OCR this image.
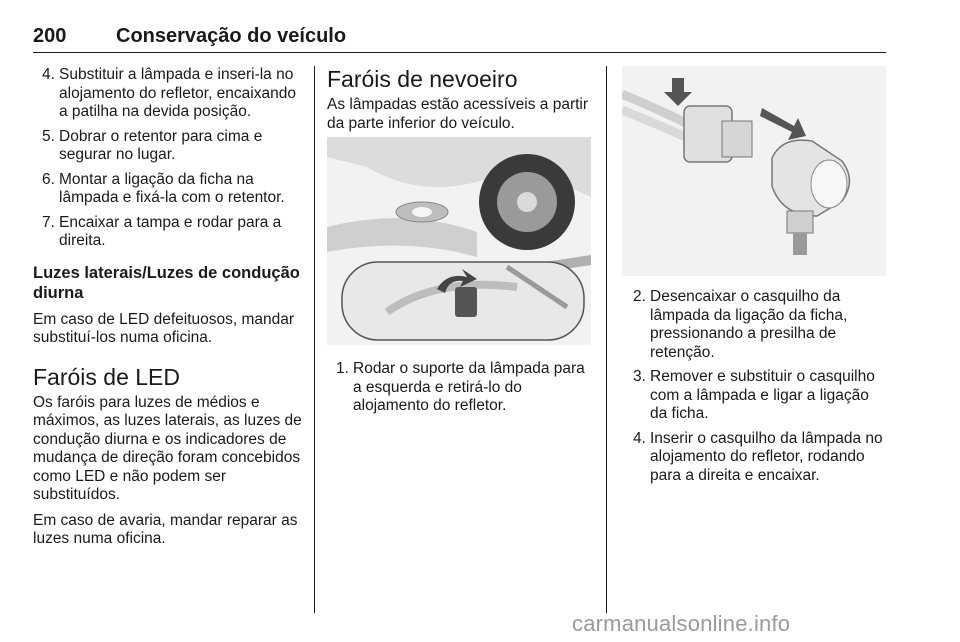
200 Conservação do veículo
4. Substituir a lâmpada e inseri-la no alojamento do refletor, encaixando a patilha na devida posição.
5. Dobrar o retentor para cima e segurar no lugar.
6. Montar a ligação da ficha na lâmpada e fixá-la com o retentor.
7. Encaixar a tampa e rodar para a direita.
Luzes laterais/Luzes de condução diurna
Em caso de LED defeituosos, mandar substituí-los numa oficina.
Faróis de LED
Os faróis para luzes de médios e máximos, as luzes laterais, as luzes de condução diurna e os indicadores de mudança de direção foram concebidos como LED e não podem ser substituídos.
Em caso de avaria, mandar reparar as luzes numa oficina.
Faróis de nevoeiro
As lâmpadas estão acessíveis a partir da parte inferior do veículo.
1. Rodar o suporte da lâmpada para a esquerda e retirá-lo do alojamento do refletor.
2. Desencaixar o casquilho da lâmpada da ligação da ficha, pressionando a presilha de retenção.
3. Remover e substituir o casquilho com a lâmpada e ligar a ligação da ficha.
4. Inserir o casquilho da lâmpada no alojamento do refletor, rodando para a direita e encaixar.
carmanualsonline.info
